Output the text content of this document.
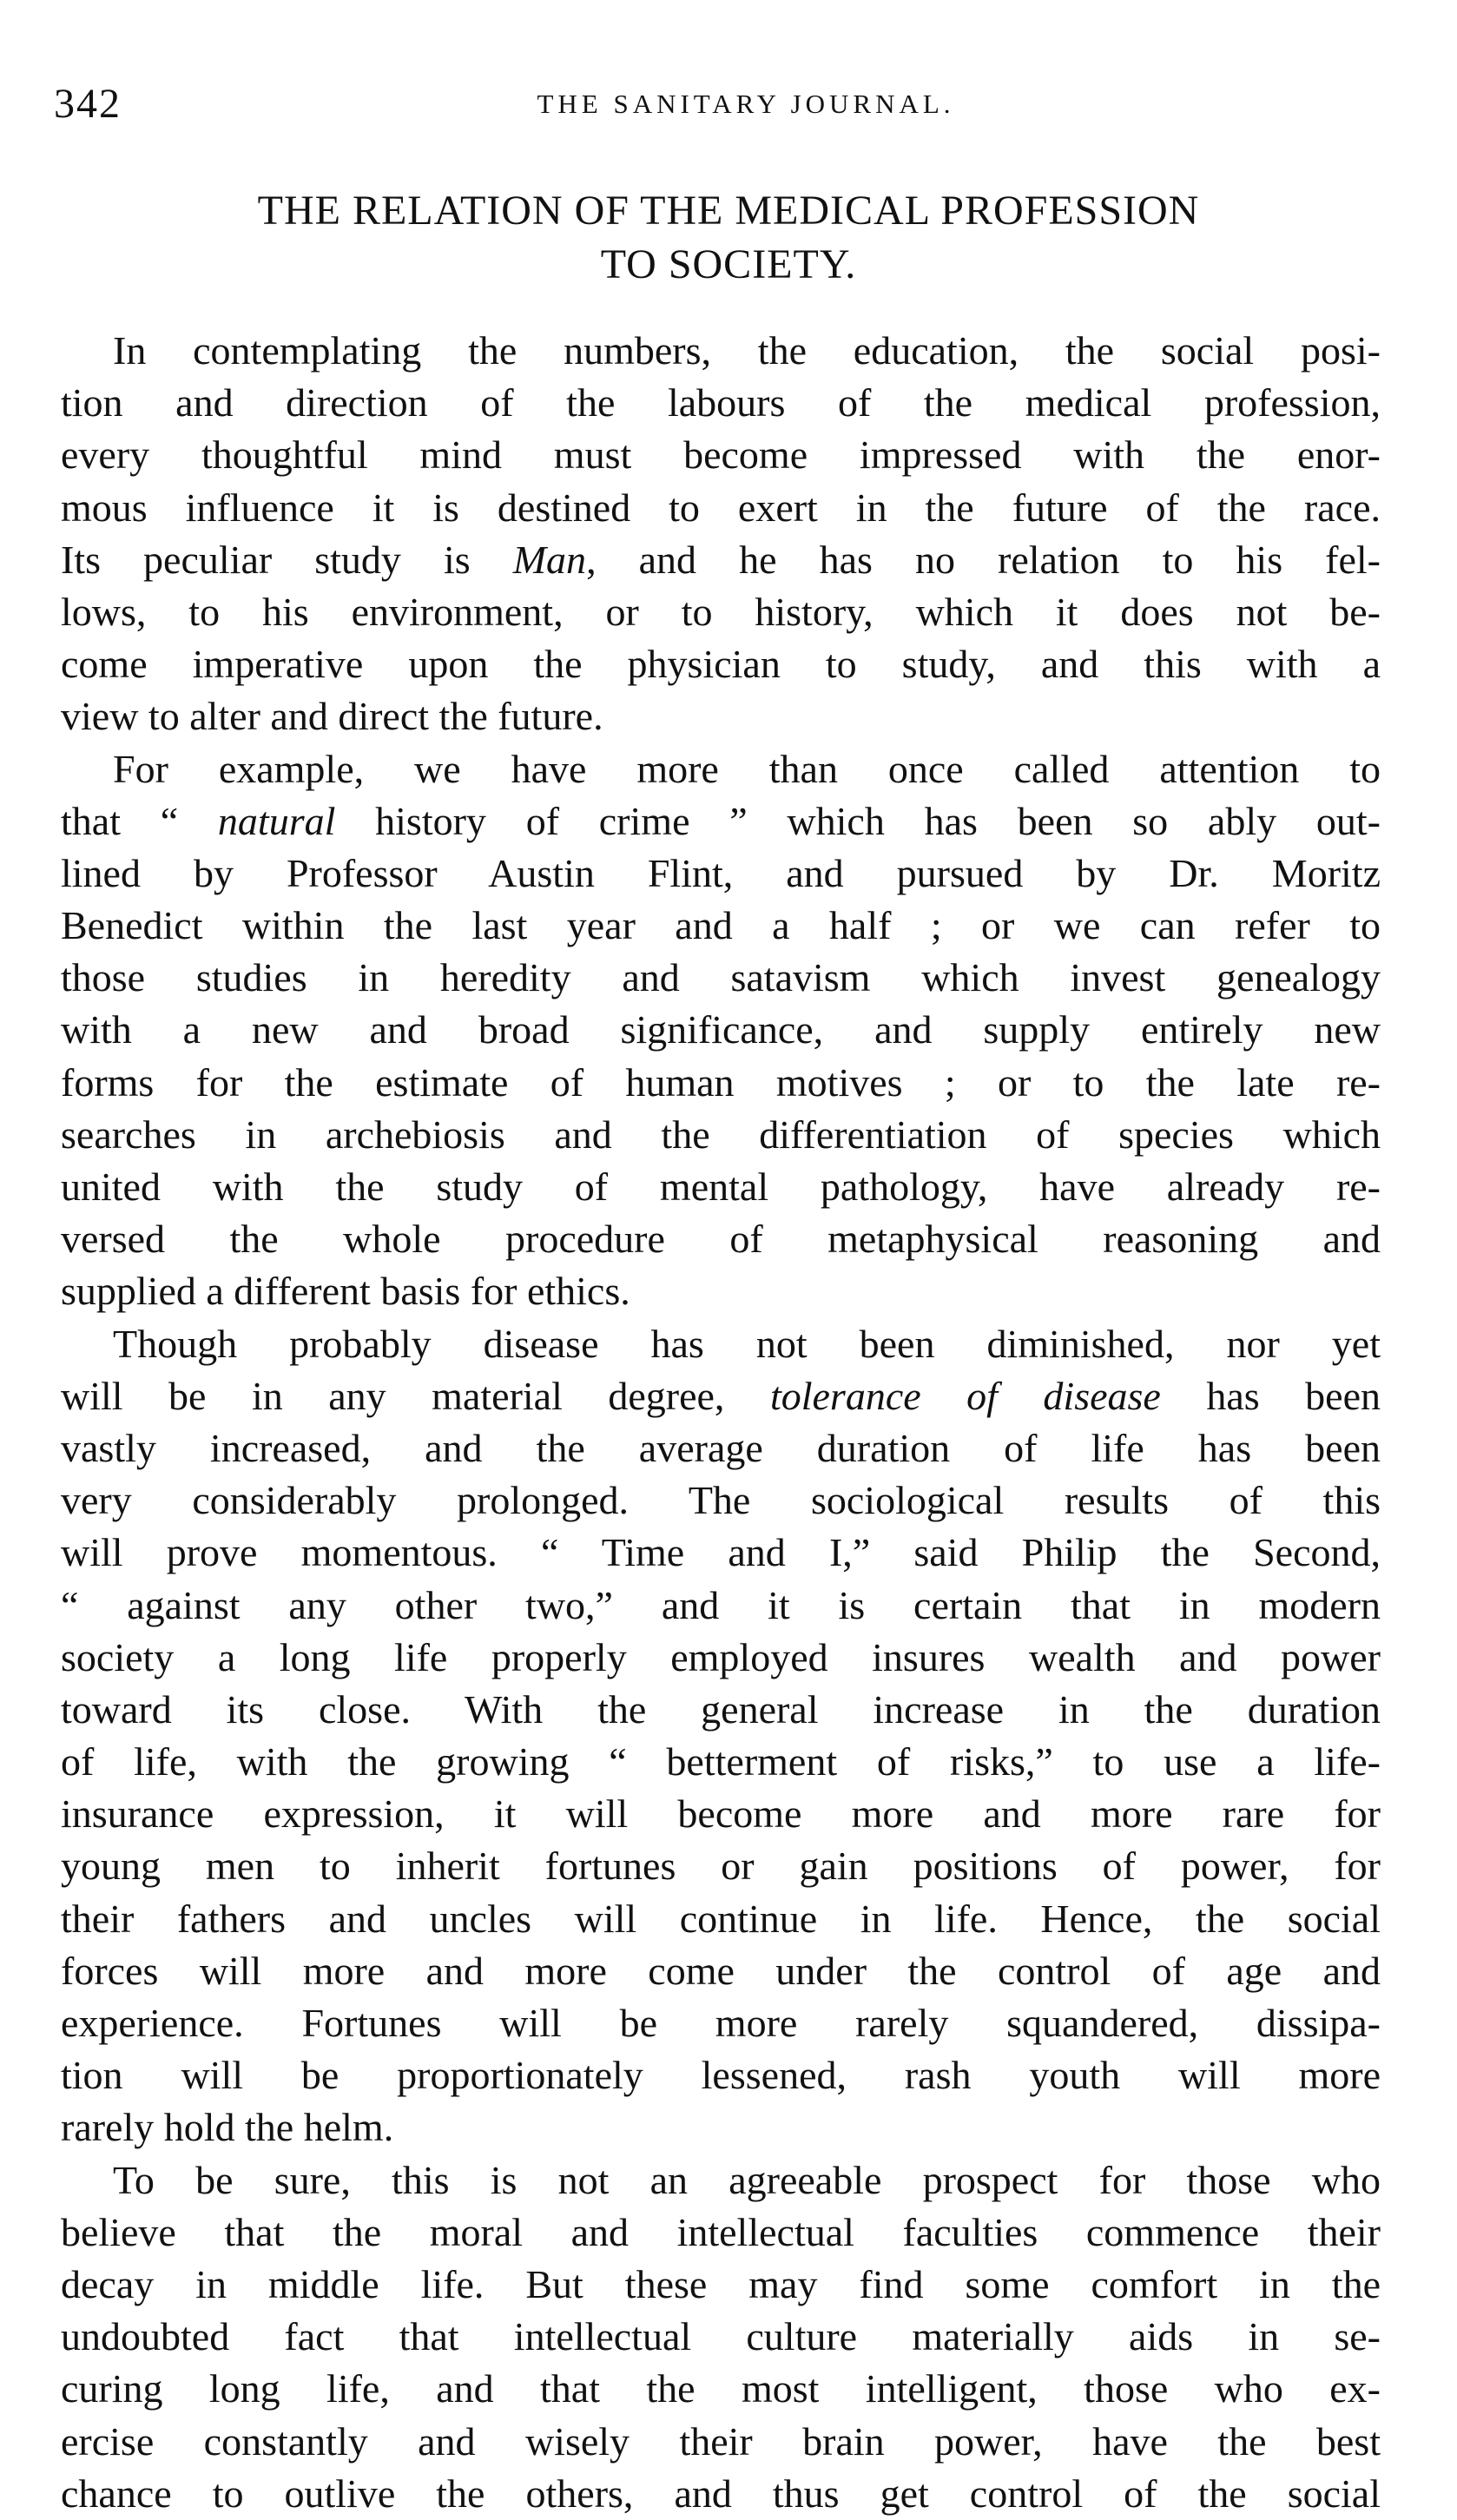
342	THE SANITARY JOURNAL.
THE RELATION OF THE MEDICAL PROFESSION
TO SOCIETY.
In contemplating the numbers, the education, the social posi-
tion and direction of the labours of the medical profession,
every thoughtful mind must become impressed with the enor-
mous influence it is destined to exert in the future of the race.
Its peculiar study is Man, and he has no relation to his fel-
lows, to his environment, or to history, which it does not be-
come imperative upon the physician to study, and this with a
view to alter and direct the future.
For example, we have more than once called attention to
that “ natural history of crime ” which has been so ably out-
lined by Professor Austin Flint, and pursued by Dr. Moritz
Benedict within the last year and a half ; or we can refer to
those studies in heredity and satavism which invest genealogy
with a new and broad significance, and supply entirely new
forms for the estimate of human motives ; or to the late re-
searches in archebiosis and the differentiation of species which
united with the study of mental pathology, have already re-
versed the whole procedure of metaphysical reasoning and
supplied a different basis for ethics.
Though probably disease has not been diminished, nor yet
will be in any material degree, tolerance of disease has been
vastly increased, and the average duration of life has been
very considerably prolonged. The sociological results of this
will prove momentous. “ Time and I,” said Philip the Second,
“ against any other two,” and it is certain that in modern
society a long life properly employed insures wealth and power
toward its close. With the general increase in the duration
of life, with the growing “ betterment of risks,” to use a life-
insurance expression, it will become more and more rare for
young men to inherit fortunes or gain positions of power, for
their fathers and uncles will continue in life. Hence, the social
forces will more and more come under the control of age and
experience. Fortunes will be more rarely squandered, dissipa-
tion will be proportionately lessened, rash youth will more
rarely hold the helm.
To be sure, this is not an agreeable prospect for those who
believe that the moral and intellectual faculties commence their
decay in middle life. But these may find some comfort in the
undoubted fact that intellectual culture materially aids in se-
curing long life, and that the most intelligent, those who ex-
ercise constantly and wisely their brain power, have the best
chance to outlive the others, and thus get control of the social
